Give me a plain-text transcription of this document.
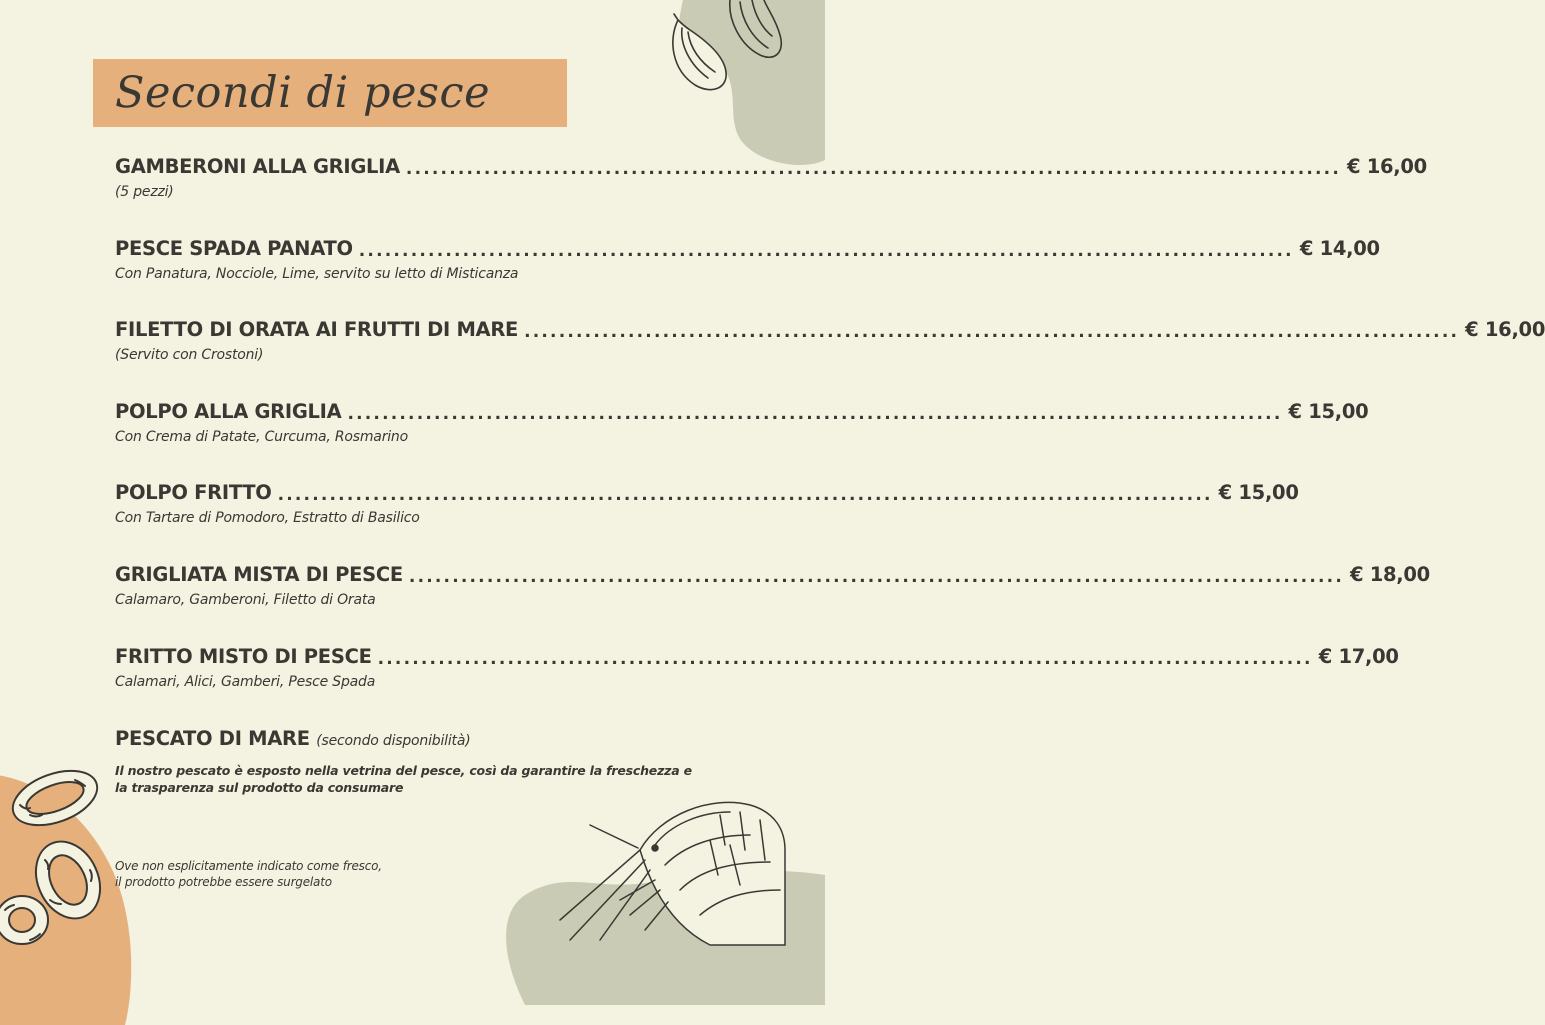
Secondi di pesce
GAMBERONI ALLA GRIGLIA ............................................................................................................ € 16,00
(5 pezzi)
PESCE SPADA PANATO ............................................................................................................ € 14,00
Con Panatura, Nocciole, Lime, servito su letto di Misticanza
FILETTO DI ORATA AI FRUTTI DI MARE ............................................................................................................ € 16,00
(Servito con Crostoni)
POLPO ALLA GRIGLIA ............................................................................................................ € 15,00
Con Crema di Patate, Curcuma, Rosmarino
POLPO FRITTO ............................................................................................................ € 15,00
Con Tartare di Pomodoro, Estratto di Basilico
GRIGLIATA MISTA DI PESCE ............................................................................................................ € 18,00
Calamaro, Gamberoni, Filetto di Orata
FRITTO MISTO DI PESCE ............................................................................................................ € 17,00
Calamari, Alici, Gamberi, Pesce Spada
PESCATO DI MARE (secondo disponibilità)
Il nostro pescato è esposto nella vetrina del pesce, così da garantire la freschezza e la trasparenza sul prodotto da consumare
Ove non esplicitamente indicato come fresco,
il prodotto potrebbe essere surgelato
